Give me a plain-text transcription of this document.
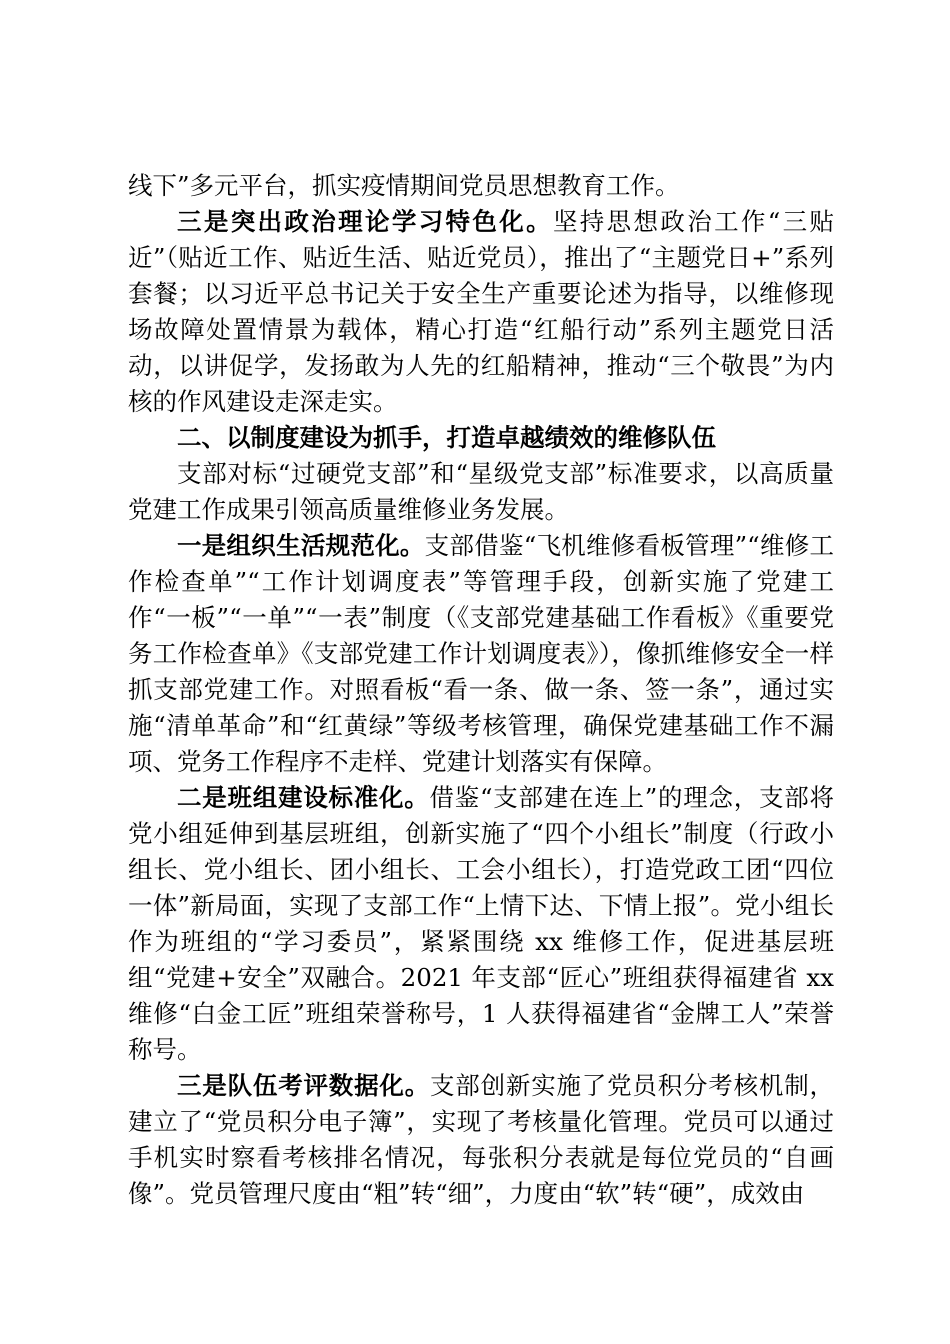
线下”多元平台，抓实疫情期间党员思想教育工作。

三是突出政治理论学习特色化。坚持思想政治工作“三贴近”（贴近工作、贴近生活、贴近党员），推出了“主题党日+”系列套餐；以习近平总书记关于安全生产重要论述为指导，以维修现场故障处置情景为载体，精心打造“红船行动”系列主题党日活动，以讲促学，发扬敢为人先的红船精神，推动“三个敬畏”为内核的作风建设走深走实。

二、以制度建设为抓手，打造卓越绩效的维修队伍

支部对标“过硬党支部”和“星级党支部”标准要求，以高质量党建工作成果引领高质量维修业务发展。

一是组织生活规范化。支部借鉴“飞机维修看板管理”“维修工作检查单”“工作计划调度表”等管理手段，创新实施了党建工作“一板”“一单”“一表”制度（《支部党建基础工作看板》《重要党务工作检查单》《支部党建工作计划调度表》），像抓维修安全一样抓支部党建工作。对照看板“看一条、做一条、签一条”，通过实施“清单革命”和“红黄绿”等级考核管理，确保党建基础工作不漏项、党务工作程序不走样、党建计划落实有保障。

二是班组建设标准化。借鉴“支部建在连上”的理念，支部将党小组延伸到基层班组，创新实施了“四个小组长”制度（行政小组长、党小组长、团小组长、工会小组长），打造党政工团“四位一体”新局面，实现了支部工作“上情下达、下情上报”。党小组长作为班组的“学习委员”，紧紧围绕 xx 维修工作，促进基层班组“党建+安全”双融合。2021 年支部“匠心”班组获得福建省 xx 维修“白金工匠”班组荣誉称号，1 人获得福建省“金牌工人”荣誉称号。

三是队伍考评数据化。支部创新实施了党员积分考核机制，建立了“党员积分电子簿”，实现了考核量化管理。党员可以通过手机实时察看考核排名情况，每张积分表就是每位党员的“自画像”。党员管理尺度由“粗”转“细”，力度由“软”转“硬”，成效由
